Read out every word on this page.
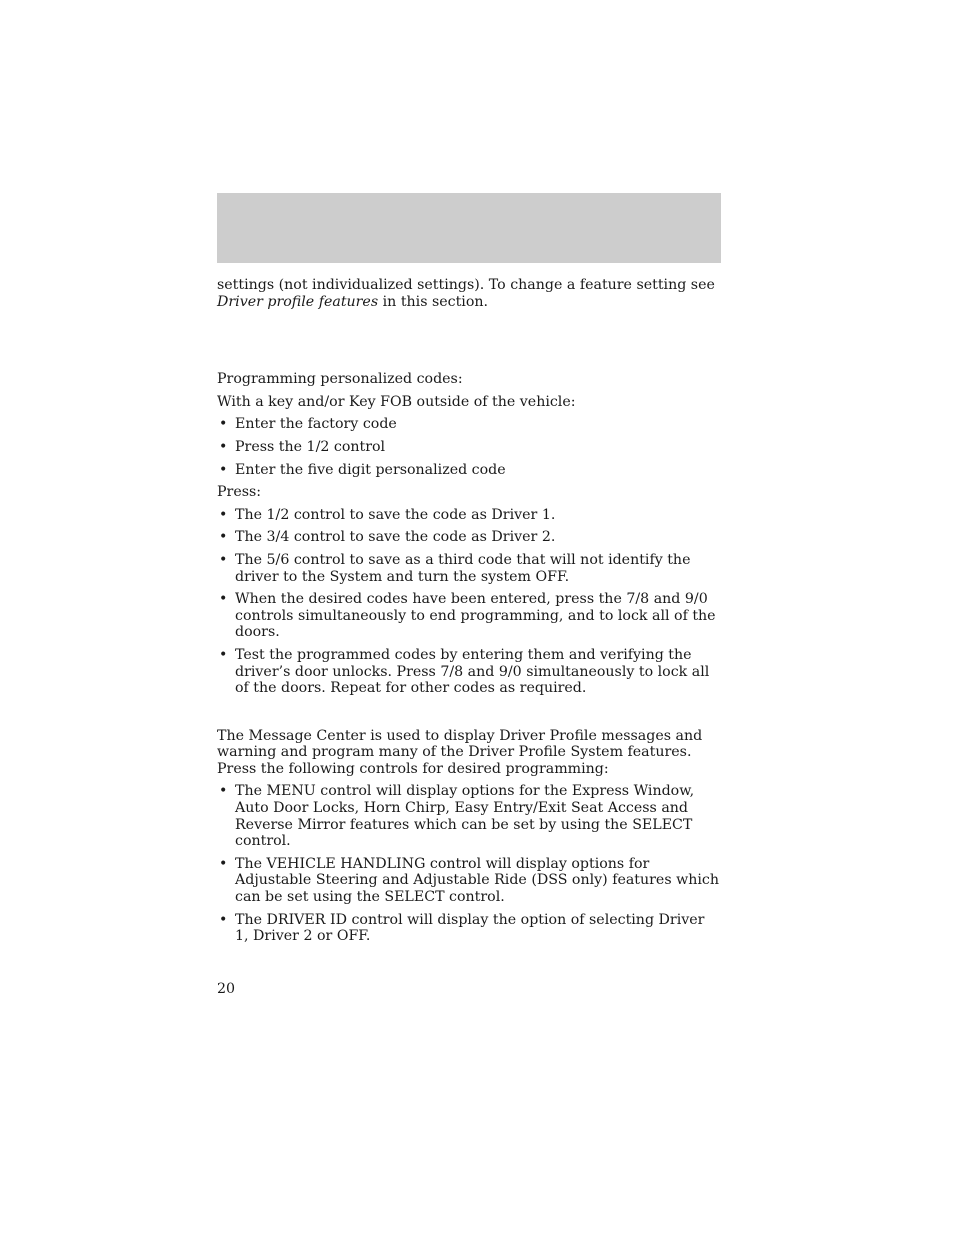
settings (not individualized settings). To change a feature setting see Driver profile features in this section.

Programming personalized codes:

With a key and/or Key FOB outside of the vehicle:

• Enter the factory code
• Press the 1/2 control
• Enter the five digit personalized code

Press:

• The 1/2 control to save the code as Driver 1.
• The 3/4 control to save the code as Driver 2.
• The 5/6 control to save as a third code that will not identify the driver to the System and turn the system OFF.
• When the desired codes have been entered, press the 7/8 and 9/0 controls simultaneously to end programming, and to lock all of the doors.
• Test the programmed codes by entering them and verifying the driver’s door unlocks. Press 7/8 and 9/0 simultaneously to lock all of the doors. Repeat for other codes as required.

The Message Center is used to display Driver Profile messages and warning and program many of the Driver Profile System features. Press the following controls for desired programming:

• The MENU control will display options for the Express Window, Auto Door Locks, Horn Chirp, Easy Entry/Exit Seat Access and Reverse Mirror features which can be set by using the SELECT control.
• The VEHICLE HANDLING control will display options for Adjustable Steering and Adjustable Ride (DSS only) features which can be set using the SELECT control.
• The DRIVER ID control will display the option of selecting Driver 1, Driver 2 or OFF.
20
